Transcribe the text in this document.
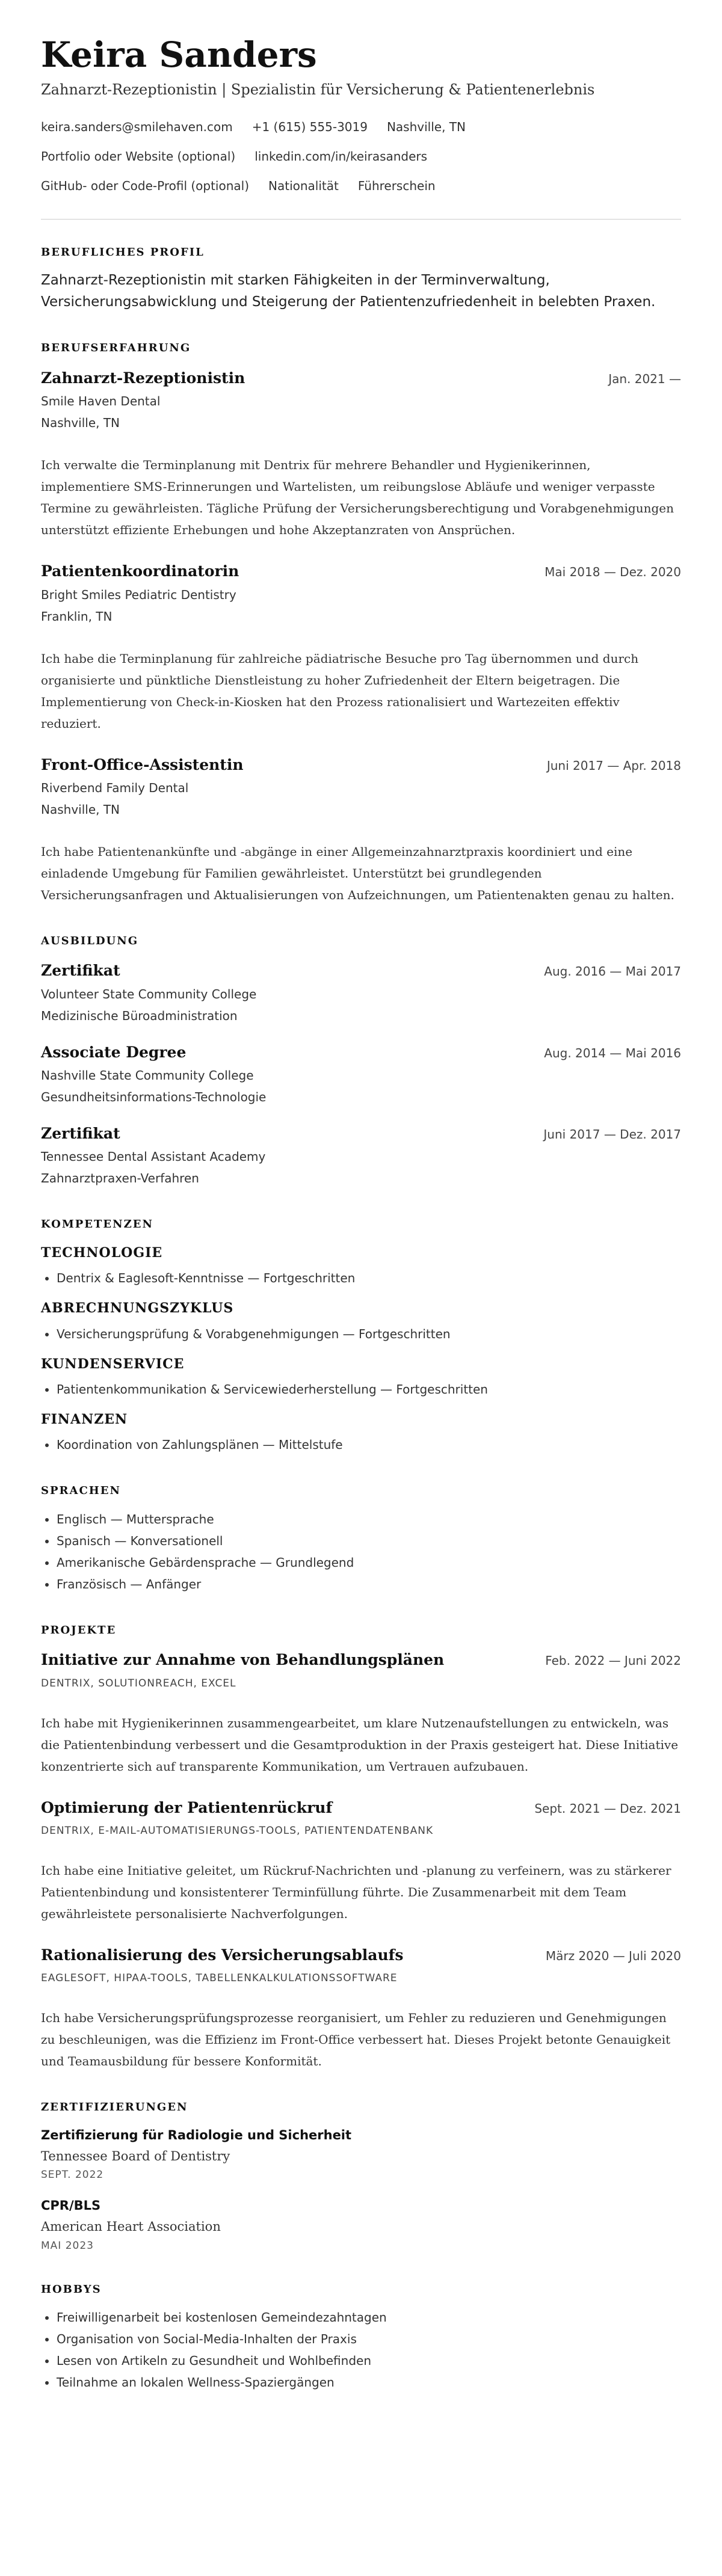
Keira Sanders
Zahnarzt-Rezeptionistin | Spezialistin für Versicherung & Patientenerlebnis
keira.sanders@smilehaven.com +1 (615) 555-3019 Nashville, TN
Portfolio oder Website (optional) linkedin.com/in/keirasanders
GitHub- oder Code-Profil (optional) Nationalität Führerschein
BERUFLICHES PROFIL

Zahnarzt-Rezeptionistin mit starken Fähigkeiten in der Terminverwaltung, Versicherungsabwicklung und Steigerung der Patientenzufriedenheit in belebten Praxen.

BERUFSERFAHRUNG
Zahnarzt-Rezeptionistin	Jan. 2021 —
Smile Haven Dental
Nashville, TN
Ich verwalte die Terminplanung mit Dentrix für mehrere Behandler und Hygienikerinnen, implementiere SMS-Erinnerungen und Wartelisten, um reibungslose Abläufe und weniger verpasste Termine zu gewährleisten. Tägliche Prüfung der Versicherungsberechtigung und Vorabgenehmigungen unterstützt effiziente Erhebungen und hohe Akzeptanzraten von Ansprüchen.
Patientenkoordinatorin	Mai 2018 — Dez. 2020
Bright Smiles Pediatric Dentistry
Franklin, TN
Ich habe die Terminplanung für zahlreiche pädiatrische Besuche pro Tag übernommen und durch organisierte und pünktliche Dienstleistung zu hoher Zufriedenheit der Eltern beigetragen. Die Implementierung von Check-in-Kiosken hat den Prozess rationalisiert und Wartezeiten effektiv reduziert.
Front-Office-Assistentin	Juni 2017 — Apr. 2018
Riverbend Family Dental
Nashville, TN
Ich habe Patientenankünfte und -abgänge in einer Allgemeinzahnarztpraxis koordiniert und eine einladende Umgebung für Familien gewährleistet. Unterstützt bei grundlegenden Versicherungsanfragen und Aktualisierungen von Aufzeichnungen, um Patientenakten genau zu halten.
AUSBILDUNG
Zertifikat	Aug. 2016 — Mai 2017
Volunteer State Community College
Medizinische Büroadministration
Associate Degree	Aug. 2014 — Mai 2016
Nashville State Community College
Gesundheitsinformations-Technologie
Zertifikat	Juni 2017 — Dez. 2017
Tennessee Dental Assistant Academy
Zahnarztpraxen-Verfahren
KOMPETENZEN
TECHNOLOGIE
• Dentrix & Eaglesoft-Kenntnisse — Fortgeschritten
ABRECHNUNGSZYKLUS
• Versicherungsprüfung & Vorabgenehmigungen — Fortgeschritten
KUNDENSERVICE
• Patientenkommunikation & Servicewiederherstellung — Fortgeschritten
FINANZEN
• Koordination von Zahlungsplänen — Mittelstufe
SPRACHEN
• Englisch — Muttersprache
• Spanisch — Konversationell
• Amerikanische Gebärdensprache — Grundlegend
• Französisch — Anfänger
PROJEKTE
Initiative zur Annahme von Behandlungsplänen	Feb. 2022 — Juni 2022
DENTRIX, SOLUTIONREACH, EXCEL
Ich habe mit Hygienikerinnen zusammengearbeitet, um klare Nutzenaufstellungen zu entwickeln, was die Patientenbindung verbessert und die Gesamtproduktion in der Praxis gesteigert hat. Diese Initiative konzentrierte sich auf transparente Kommunikation, um Vertrauen aufzubauen.
Optimierung der Patientenrückruf	Sept. 2021 — Dez. 2021
DENTRIX, E-MAIL-AUTOMATISIERUNGS-TOOLS, PATIENTENDATENBANK
Ich habe eine Initiative geleitet, um Rückruf-Nachrichten und -planung zu verfeinern, was zu stärkerer Patientenbindung und konsistenterer Terminfüllung führte. Die Zusammenarbeit mit dem Team gewährleistete personalisierte Nachverfolgungen.
Rationalisierung des Versicherungsablaufs	März 2020 — Juli 2020
EAGLESOFT, HIPAA-TOOLS, TABELLENKALKULATIONSSOFTWARE
Ich habe Versicherungsprüfungsprozesse reorganisiert, um Fehler zu reduzieren und Genehmigungen zu beschleunigen, was die Effizienz im Front-Office verbessert hat. Dieses Projekt betonte Genauigkeit und Teamausbildung für bessere Konformität.
ZERTIFIZIERUNGEN
Zertifizierung für Radiologie und Sicherheit
Tennessee Board of Dentistry
SEPT. 2022
CPR/BLS
American Heart Association
MAI 2023
HOBBYS
• Freiwilligenarbeit bei kostenlosen Gemeindezahntagen
• Organisation von Social-Media-Inhalten der Praxis
• Lesen von Artikeln zu Gesundheit und Wohlbefinden
• Teilnahme an lokalen Wellness-Spaziergängen
